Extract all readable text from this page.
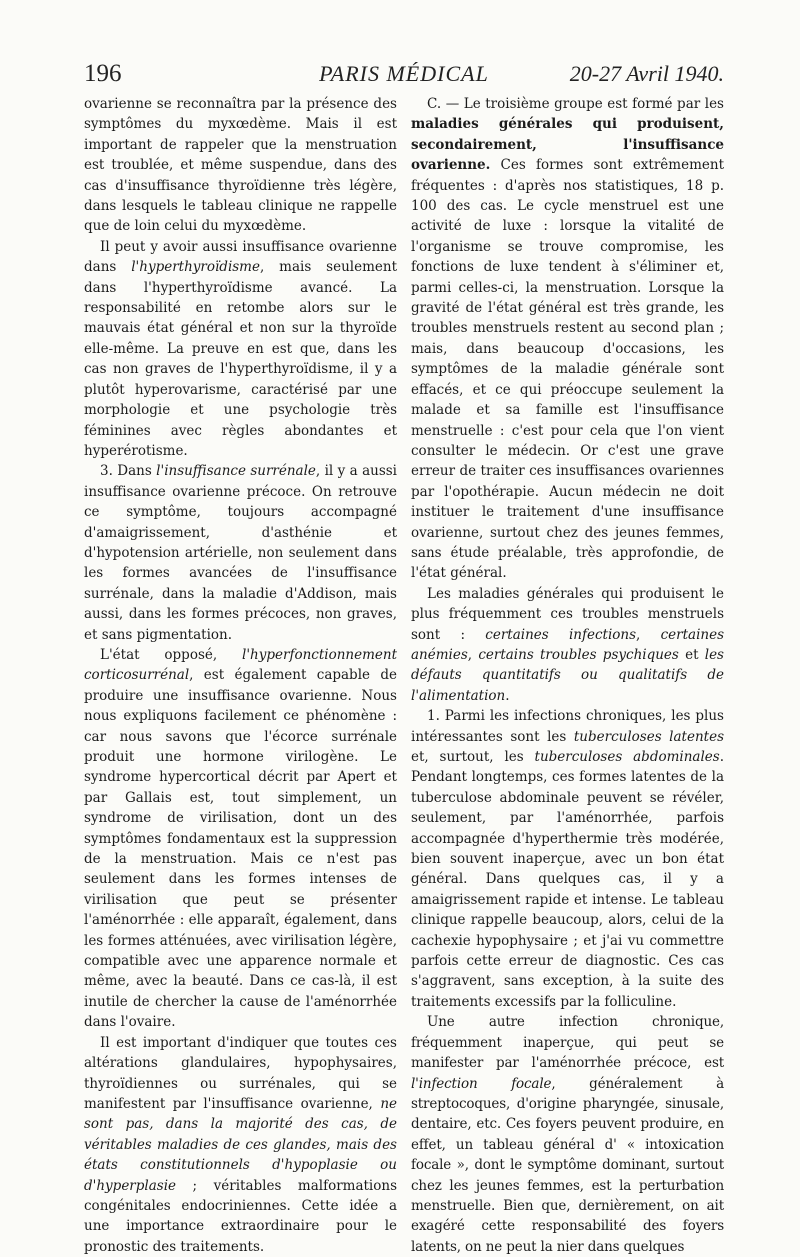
196	PARIS MÉDICAL	20-27 Avril 1940.

ovarienne se reconnaîtra par la présence des symptômes du myxœdème. Mais il est important de rappeler que la menstruation est troublée, et même suspendue, dans des cas d'insuffisance thyroïdienne très légère, dans lesquels le tableau clinique ne rappelle que de loin celui du myxœdème.

Il peut y avoir aussi insuffisance ovarienne dans l'hyperthyroïdisme, mais seulement dans l'hyperthyroïdisme avancé. La responsabilité en retombe alors sur le mauvais état général et non sur la thyroïde elle-même. La preuve en est que, dans les cas non graves de l'hyperthyroïdisme, il y a plutôt hyperovarisme, caractérisé par une morphologie et une psychologie très féminines avec règles abondantes et hyperérotisme.

3. Dans l'insuffisance surrénale, il y a aussi insuffisance ovarienne précoce. On retrouve ce symptôme, toujours accompagné d'amaigrissement, d'asthénie et d'hypotension artérielle, non seulement dans les formes avancées de l'insuffisance surrénale, dans la maladie d'Addison, mais aussi, dans les formes précoces, non graves, et sans pigmentation.

L'état opposé, l'hyperfonctionnement corticosurrénal, est également capable de produire une insuffisance ovarienne. Nous nous expliquons facilement ce phénomène : car nous savons que l'écorce surrénale produit une hormone virilogène. Le syndrome hypercortical décrit par Apert et par Gallais est, tout simplement, un syndrome de virilisation, dont un des symptômes fondamentaux est la suppression de la menstruation. Mais ce n'est pas seulement dans les formes intenses de virilisation que peut se présenter l'aménorrhée : elle apparaît, également, dans les formes atténuées, avec virilisation légère, compatible avec une apparence normale et même, avec la beauté. Dans ce cas-là, il est inutile de chercher la cause de l'aménorrhée dans l'ovaire.

Il est important d'indiquer que toutes ces altérations glandulaires, hypophysaires, thyroïdiennes ou surrénales, qui se manifestent par l'insuffisance ovarienne, ne sont pas, dans la majorité des cas, de véritables maladies de ces glandes, mais des états constitutionnels d'hypoplasie ou d'hyperplasie ; véritables malformations congénitales endocriniennes. Cette idée a une importance extraordinaire pour le pronostic des traitements.

C. — Le troisième groupe est formé par les maladies générales qui produisent, secondairement, l'insuffisance ovarienne. Ces formes sont extrêmement fréquentes : d'après nos statistiques, 18 p. 100 des cas. Le cycle menstruel est une activité de luxe : lorsque la vitalité de l'organisme se trouve compromise, les fonctions de luxe tendent à s'éliminer et, parmi celles-ci, la menstruation. Lorsque la gravité de l'état général est très grande, les troubles menstruels restent au second plan ; mais, dans beaucoup d'occasions, les symptômes de la maladie générale sont effacés, et ce qui préoccupe seulement la malade et sa famille est l'insuffisance menstruelle : c'est pour cela que l'on vient consulter le médecin. Or c'est une grave erreur de traiter ces insuffisances ovariennes par l'opothérapie. Aucun médecin ne doit instituer le traitement d'une insuffisance ovarienne, surtout chez des jeunes femmes, sans étude préalable, très approfondie, de l'état général.

Les maladies générales qui produisent le plus fréquemment ces troubles menstruels sont : certaines infections, certaines anémies, certains troubles psychiques et les défauts quantitatifs ou qualitatifs de l'alimentation.

1. Parmi les infections chroniques, les plus intéressantes sont les tuberculoses latentes et, surtout, les tuberculoses abdominales. Pendant longtemps, ces formes latentes de la tuberculose abdominale peuvent se révéler, seulement, par l'aménorrhée, parfois accompagnée d'hyperthermie très modérée, bien souvent inaperçue, avec un bon état général. Dans quelques cas, il y a amaigrissement rapide et intense. Le tableau clinique rappelle beaucoup, alors, celui de la cachexie hypophysaire ; et j'ai vu commettre parfois cette erreur de diagnostic. Ces cas s'aggravent, sans exception, à la suite des traitements excessifs par la folliculine.

Une autre infection chronique, fréquemment inaperçue, qui peut se manifester par l'aménorrhée précoce, est l'infection focale, généralement à streptocoques, d'origine pharyngée, sinusale, dentaire, etc. Ces foyers peuvent produire, en effet, un tableau général d' « intoxication focale », dont le symptôme dominant, surtout chez les jeunes femmes, est la perturbation menstruelle. Bien que, dernièrement, on ait exagéré cette responsabilité des foyers latents, on ne peut la nier dans quelques
